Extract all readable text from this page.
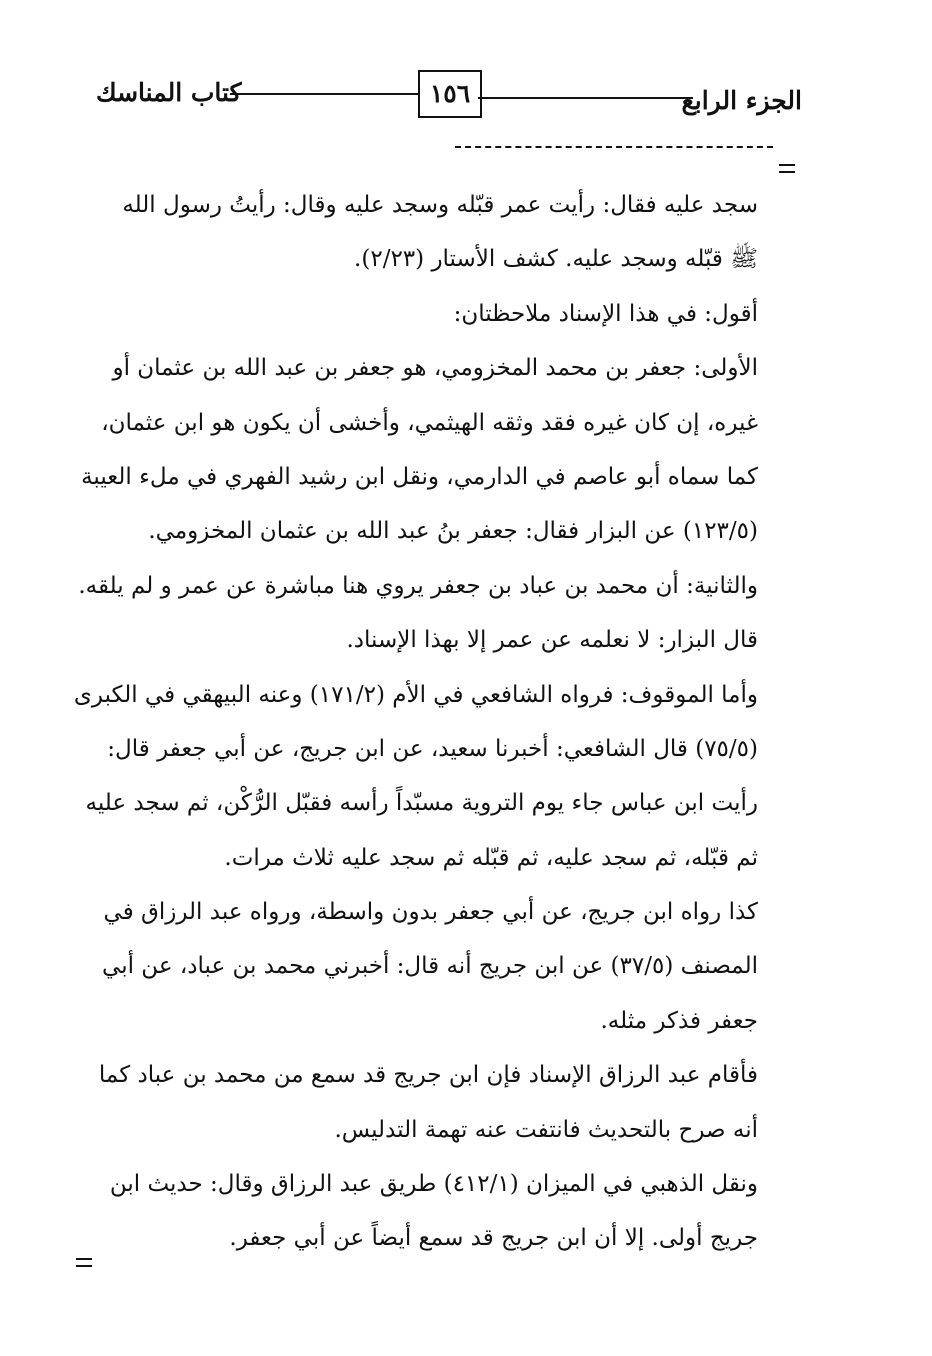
الجزء الرابع
١٥٦
كتاب المناسك
سجد عليه فقال: رأيت عمر قبّله وسجد عليه وقال: رأيتُ رسول الله
ﷺ قبّله وسجد عليه. كشف الأستار (٢/٢٣).
أقول: في هذا الإسناد ملاحظتان:
الأولى: جعفر بن محمد المخزومي، هو جعفر بن عبد الله بن عثمان أو
غيره، إن كان غيره فقد وثقه الهيثمي، وأخشى أن يكون هو ابن عثمان،
كما سماه أبو عاصم في الدارمي، ونقل ابن رشيد الفهري في ملء العيبة
(١٢٣/٥) عن البزار فقال: جعفر بنُ عبد الله بن عثمان المخزومي.
والثانية: أن محمد بن عباد بن جعفر يروي هنا مباشرة عن عمر و لم يلقه.
قال البزار: لا نعلمه عن عمر إلا بهذا الإسناد.
وأما الموقوف: فرواه الشافعي في الأم (١٧١/٢) وعنه البيهقي في الكبرى
(٧٥/٥) قال الشافعي: أخبرنا سعيد، عن ابن جريج، عن أبي جعفر قال:
رأيت ابن عباس جاء يوم التروية مسبّداً رأسه فقبّل الرُّكْن، ثم سجد عليه
ثم قبّله، ثم سجد عليه، ثم قبّله ثم سجد عليه ثلاث مرات.
كذا رواه ابن جريج، عن أبي جعفر بدون واسطة، ورواه عبد الرزاق في
المصنف (٣٧/٥) عن ابن جريج أنه قال: أخبرني محمد بن عباد، عن أبي
جعفر فذكر مثله.
فأقام عبد الرزاق الإسناد فإن ابن جريج قد سمع من محمد بن عباد كما
أنه صرح بالتحديث فانتفت عنه تهمة التدليس.
ونقل الذهبي في الميزان (٤١٢/١) طريق عبد الرزاق وقال: حديث ابن
جريج أولى. إلا أن ابن جريج قد سمع أيضاً عن أبي جعفر.
